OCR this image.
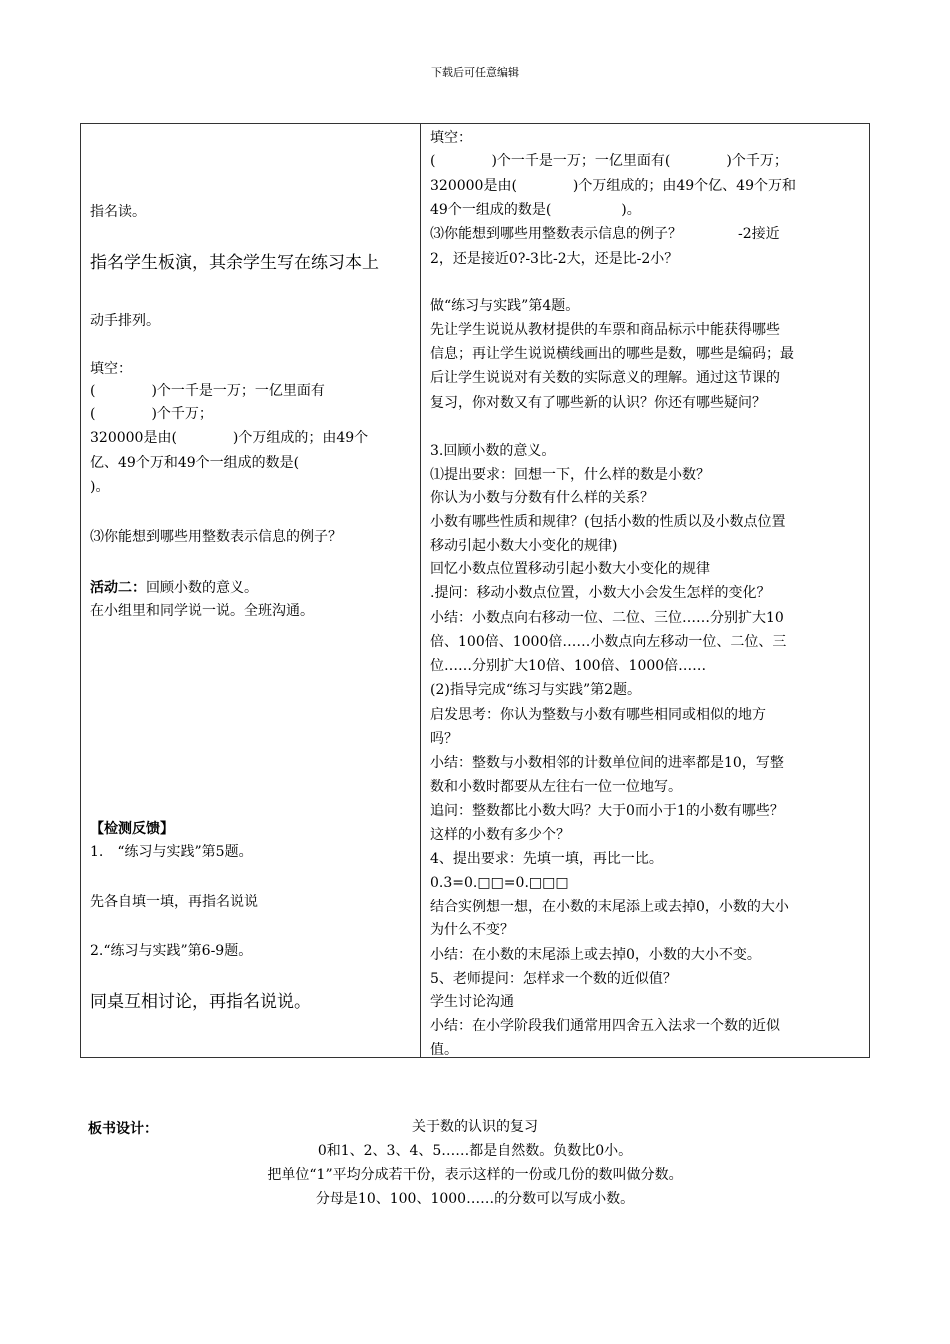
下载后可任意编辑
指名读。
指名学生板演，其余学生写在练习本上
动手排列。
填空：
(　　　　)个一千是一万；一亿里面有
(　　　　)个千万；
320000是由(　　　　)个万组成的；由49个
亿、49个万和49个一组成的数是(
)。
⑶你能想到哪些用整数表示信息的例子？
活动二：回顾小数的意义。
在小组里和同学说一说。全班沟通。
【检测反馈】
1.　“练习与实践”第5题。
先各自填一填，再指名说说
2.“练习与实践”第6-9题。
同桌互相讨论，再指名说说。
填空：
(　　　　)个一千是一万；一亿里面有(　　　　)个千万；
320000是由(　　　　)个万组成的；由49个亿、49个万和
49个一组成的数是(　　　　　)。
⑶你能想到哪些用整数表示信息的例子？　　　　-2接近
2，还是接近0?-3比-2大，还是比-2小？
做“练习与实践”第4题。
先让学生说说从教材提供的车票和商品标示中能获得哪些
信息；再让学生说说横线画出的哪些是数，哪些是编码；最
后让学生说说对有关数的实际意义的理解。通过这节课的
复习，你对数又有了哪些新的认识？你还有哪些疑问？
3.回顾小数的意义。
⑴提出要求：回想一下，什么样的数是小数？
你认为小数与分数有什么样的关系？
小数有哪些性质和规律？(包括小数的性质以及小数点位置
移动引起小数大小变化的规律)
回忆小数点位置移动引起小数大小变化的规律
.提问：移动小数点位置，小数大小会发生怎样的变化？
小结：小数点向右移动一位、二位、三位……分别扩大10
倍、100倍、1000倍……小数点向左移动一位、二位、三
位……分别扩大10倍、100倍、1000倍……
(2)指导完成“练习与实践”第2题。
启发思考：你认为整数与小数有哪些相同或相似的地方
吗？
小结：整数与小数相邻的计数单位间的进率都是10，写整
数和小数时都要从左往右一位一位地写。
追问：整数都比小数大吗？大于0而小于1的小数有哪些？
这样的小数有多少个？
4、提出要求：先填一填，再比一比。
0.3=0.□□=0.□□□
结合实例想一想，在小数的末尾添上或去掉0，小数的大小
为什么不变？
小结：在小数的末尾添上或去掉0，小数的大小不变。
5、老师提问：怎样求一个数的近似值？
学生讨论沟通
小结：在小学阶段我们通常用四舍五入法求一个数的近似
值。
板书设计：	关于数的认识的复习
0和1、2、3、4、5……都是自然数。负数比0小。
把单位“1”平均分成若干份，表示这样的一份或几份的数叫做分数。
分母是10、100、1000……的分数可以写成小数。
